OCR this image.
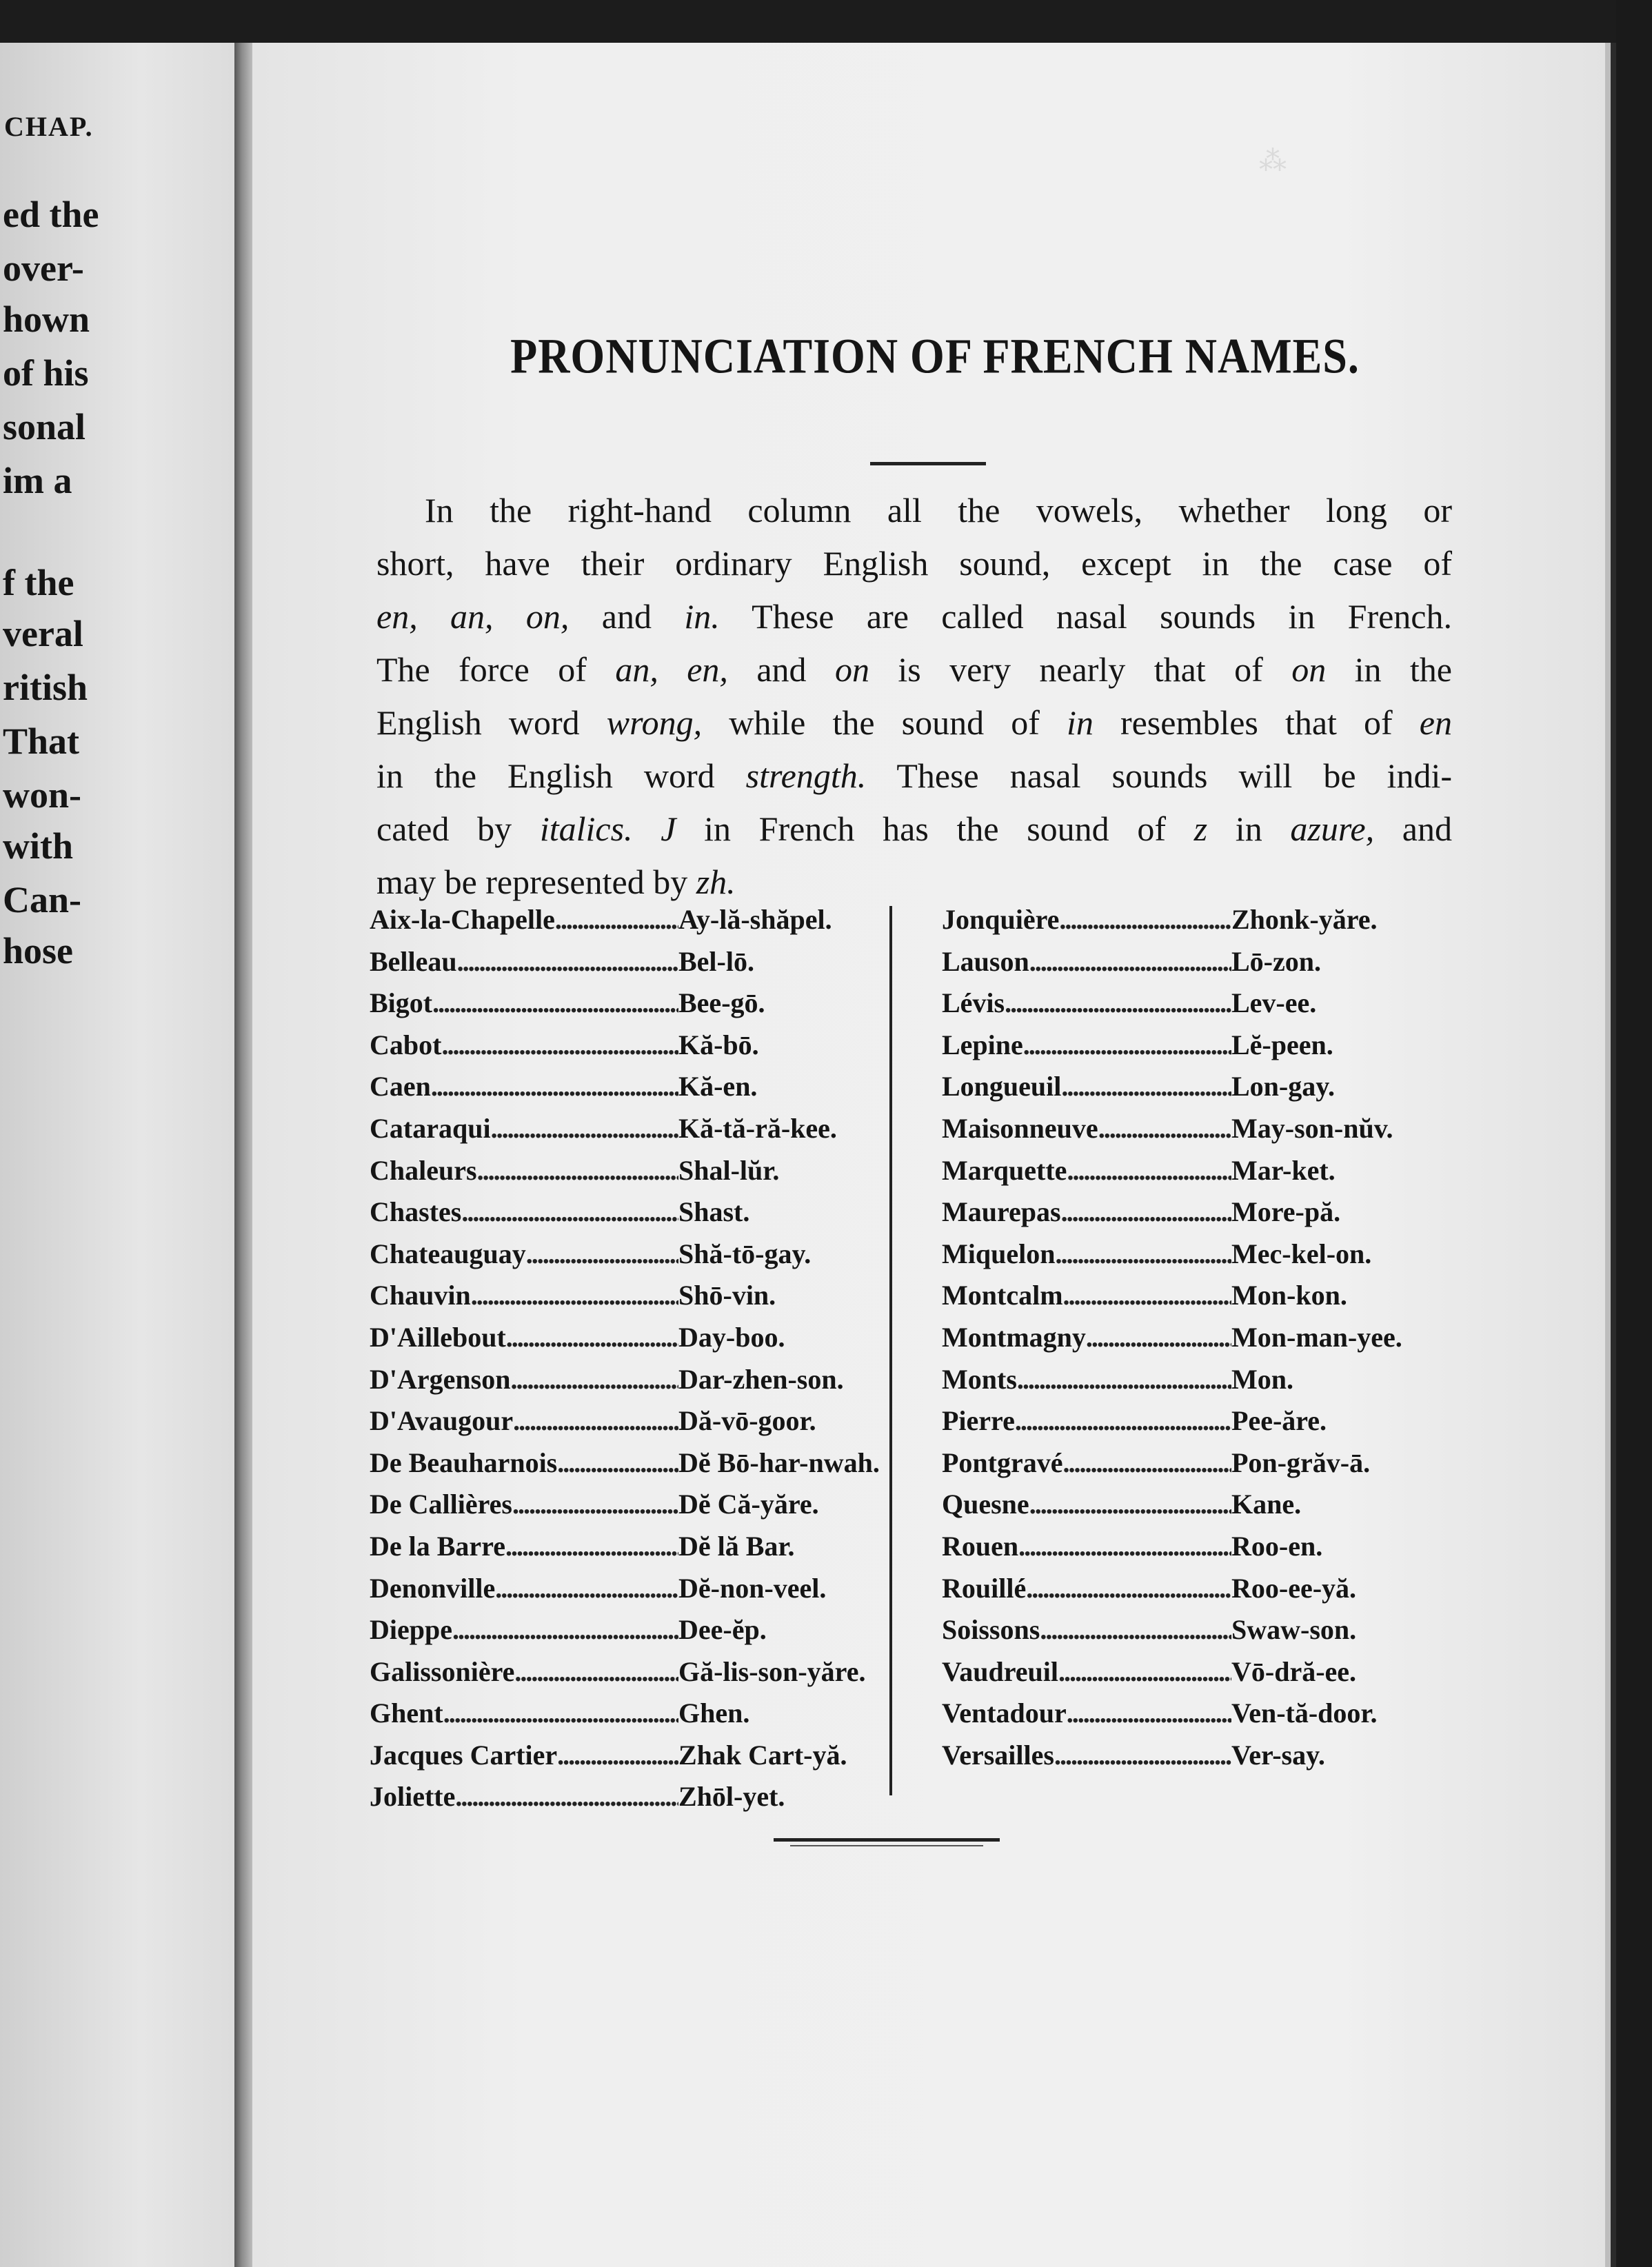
CHAP.
ed the
over-
hown
of his
sonal
im a
f the
veral
ritish
That
won-
with
Can-
hose
⁂
PRONUNCIATION OF FRENCH NAMES.
In the right-hand column all the vowels, whether long or
short, have their ordinary English sound, except in the case of
en, an, on, and in. These are called nasal sounds in French.
The force of an, en, and on is very nearly that of on in the
English word wrong, while the sound of in resembles that of en
in the English word strength. These nasal sounds will be indi-
cated by italics. J in French has the sound of z in azure, and
may be represented by zh.
Aix-la-Chapelle . . .	Ay-lă-shăpel.
Belleau . . .	Bel-lō.
Bigot . . .	Bee-gō.
Cabot . . .	Kă-bō.
Caen . . .	Kă-en.
Cataraqui . . .	Kă-tă-ră-kee.
Chaleurs . . .	Shal-lŭr.
Chastes . . .	Shast.
Chateauguay . . .	Shă-tō-gay.
Chauvin . . .	Shō-vin.
D'Aillebout . . .	Day-boo.
D'Argenson . . .	Dar-zhen-son.
D'Avaugour . . .	Dă-vō-goor.
De Beauharnois . . .	Dĕ Bō-har-nwah.
De Callières . . .	Dĕ Că-yăre.
De la Barre . . .	Dĕ lă Bar.
Denonville . . .	Dĕ-non-veel.
Dieppe . . .	Dee-ĕp.
Galissonière . . .	Gă-lis-son-yăre.
Ghent . . .	Ghen.
Jacques Cartier . . .	Zhak Cart-yă.
Joliette . . .	Zhōl-yet.
Jonquière . . .	Zhonk-yăre.
Lauson . . .	Lō-zon.
Lévis . . .	Lev-ee.
Lepine . . .	Lĕ-peen.
Longueuil . . .	Lon-gay.
Maisonneuve . . .	May-son-nŭv.
Marquette . . .	Mar-ket.
Maurepas . . .	More-pă.
Miquelon . . .	Mec-kel-on.
Montcalm . . .	Mon-kon.
Montmagny . . .	Mon-man-yee.
Monts . . .	Mon.
Pierre . . .	Pee-ăre.
Pontgravé . . .	Pon-grăv-ā.
Quesne . . .	Kane.
Rouen . . .	Roo-en.
Rouillé . . .	Roo-ee-yă.
Soissons . . .	Swaw-son.
Vaudreuil . . .	Vō-dră-ee.
Ventadour . . .	Ven-tă-door.
Versailles . . .	Ver-say.
